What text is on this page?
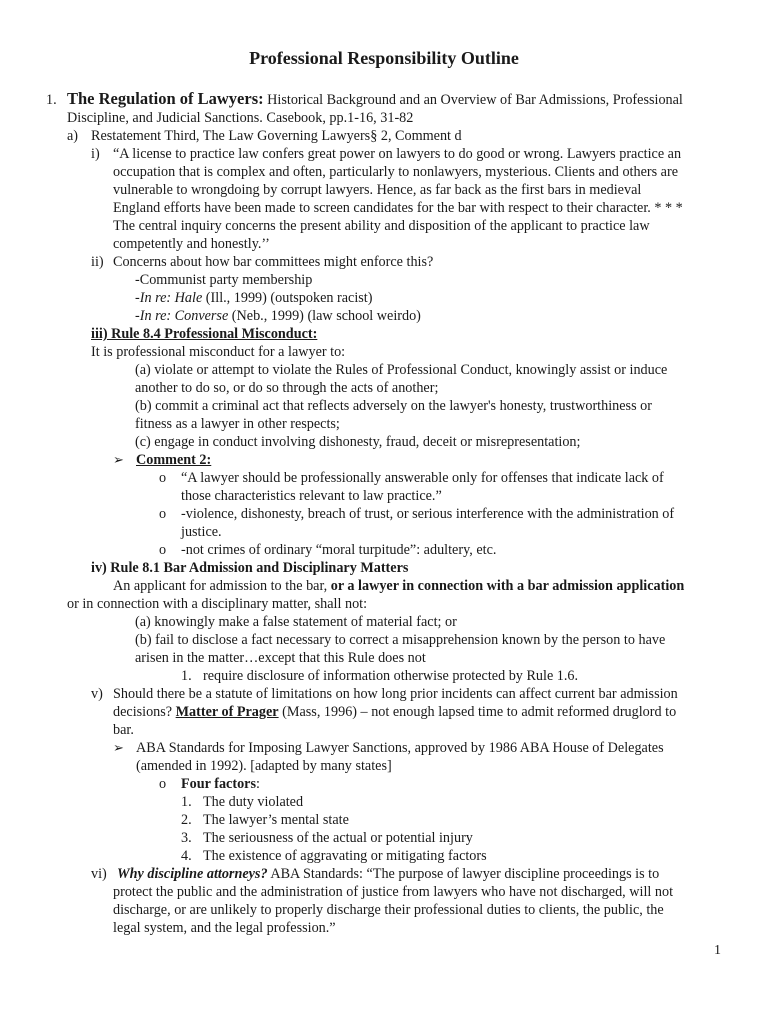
Professional Responsibility Outline
1. The Regulation of Lawyers: Historical Background and an Overview of Bar Admissions, Professional
Discipline, and Judicial Sanctions. Casebook, pp.1-16, 31-82
a) Restatement Third, The Law Governing Lawyers§ 2, Comment d
i) “A license to practice law confers great power on lawyers to do good or wrong. Lawyers practice an
occupation that is complex and often, particularly to nonlawyers, mysterious. Clients and others are
vulnerable to wrongdoing by corrupt lawyers. Hence, as far back as the first bars in medieval
England efforts have been made to screen candidates for the bar with respect to their character. * * *
The central inquiry concerns the present ability and disposition of the applicant to practice law
competently and honestly.’’
ii) Concerns about how bar committees might enforce this?
-Communist party membership
-In re: Hale (Ill., 1999) (outspoken racist)
-In re: Converse (Neb., 1999) (law school weirdo)
iii) Rule 8.4 Professional Misconduct:
It is professional misconduct for a lawyer to:
(a) violate or attempt to violate the Rules of Professional Conduct, knowingly assist or induce
another to do so, or do so through the acts of another;
(b) commit a criminal act that reflects adversely on the lawyer's honesty, trustworthiness or
fitness as a lawyer in other respects;
(c) engage in conduct involving dishonesty, fraud, deceit or misrepresentation;
➢ Comment 2:
o “A lawyer should be professionally answerable only for offenses that indicate lack of
those characteristics relevant to law practice.”
o -violence, dishonesty, breach of trust, or serious interference with the administration of
justice.
o -not crimes of ordinary “moral turpitude”: adultery, etc.
iv) Rule 8.1 Bar Admission and Disciplinary Matters
An applicant for admission to the bar, or a lawyer in connection with a bar admission application
or in connection with a disciplinary matter, shall not:
(a) knowingly make a false statement of material fact; or
(b) fail to disclose a fact necessary to correct a misapprehension known by the person to have
arisen in the matter…except that this Rule does not
1. require disclosure of information otherwise protected by Rule 1.6.
v) Should there be a statute of limitations on how long prior incidents can affect current bar admission
decisions? Matter of Prager (Mass, 1996) – not enough lapsed time to admit reformed druglord to
bar.
➢ ABA Standards for Imposing Lawyer Sanctions, approved by 1986 ABA House of Delegates
(amended in 1992). [adapted by many states]
o Four factors:
1. The duty violated
2. The lawyer’s mental state
3. The seriousness of the actual or potential injury
4. The existence of aggravating or mitigating factors
vi) Why discipline attorneys? ABA Standards: “The purpose of lawyer discipline proceedings is to
protect the public and the administration of justice from lawyers who have not discharged, will not
discharge, or are unlikely to properly discharge their professional duties to clients, the public, the
legal system, and the legal profession.”
1
